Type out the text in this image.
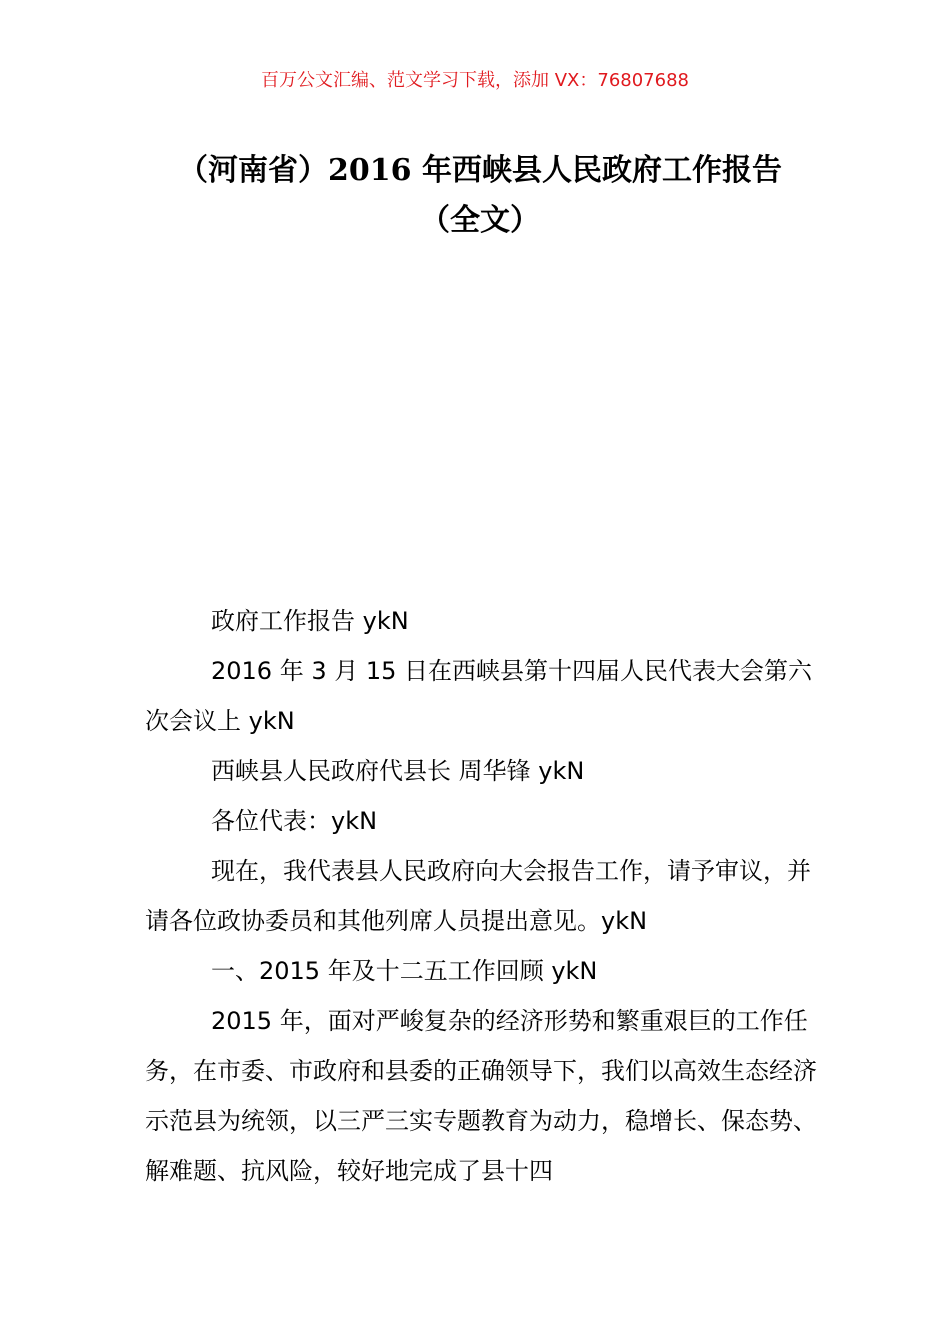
百万公文汇编、范文学习下载，添加 VX：76807688
（河南省）2016 年西峡县人民政府工作报告（全文）

政府工作报告 ykN

2016 年 3 月 15 日在西峡县第十四届人民代表大会第六次会议上 ykN

西峡县人民政府代县长 周华锋 ykN

各位代表：ykN

现在，我代表县人民政府向大会报告工作，请予审议，并请各位政协委员和其他列席人员提出意见。ykN

一、2015 年及十二五工作回顾 ykN

2015 年，面对严峻复杂的经济形势和繁重艰巨的工作任务，在市委、市政府和县委的正确领导下，我们以高效生态经济示范县为统领，以三严三实专题教育为动力，稳增长、保态势、解难题、抗风险，较好地完成了县十四
